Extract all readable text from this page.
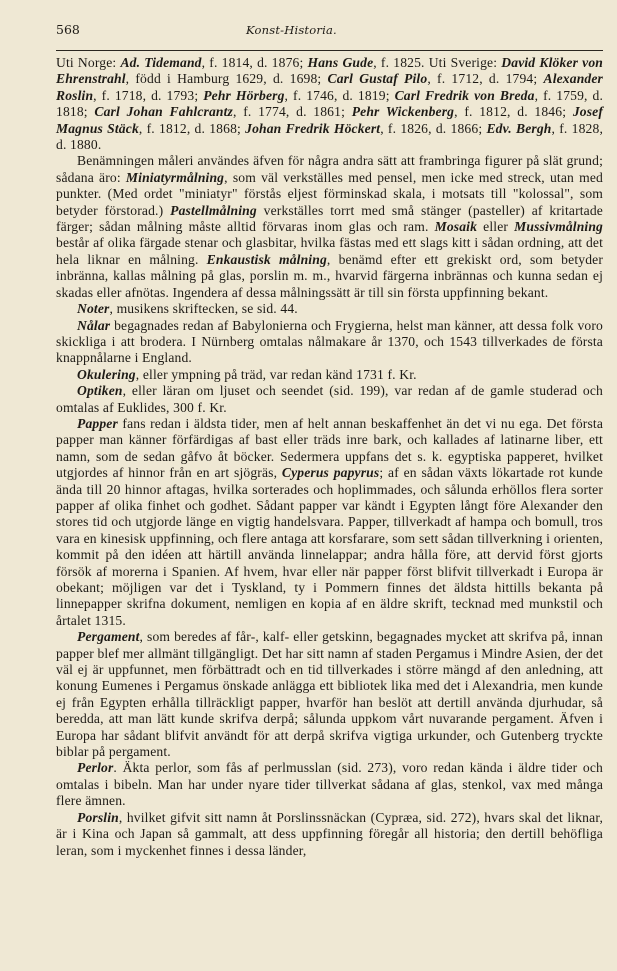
568	Konst-Historia.

Uti Norge: Ad. Tidemand, f. 1814, d. 1876; Hans Gude, f. 1825. Uti Sverige: David Klöker von Ehrenstrahl, född i Hamburg 1629, d. 1698; Carl Gustaf Pilo, f. 1712, d. 1794; Alexander Roslin, f. 1718, d. 1793; Pehr Hörberg, f. 1746, d. 1819; Carl Fredrik von Breda, f. 1759, d. 1818; Carl Johan Fahlcrantz, f. 1774, d. 1861; Pehr Wickenberg, f. 1812, d. 1846; Josef Magnus Stäck, f. 1812, d. 1868; Johan Fredrik Höckert, f. 1826, d. 1866; Edv. Bergh, f. 1828, d. 1880.

Benämningen måleri användes äfven för några andra sätt att frambringa figurer på slät grund; sådana äro: Miniatyrmålning, som väl verkställes med pensel, men icke med streck, utan med punkter. (Med ordet "miniatyr" förstås eljest förminskad skala, i motsats till "kolossal", som betyder förstorad.) Pastellmålning verkställes torrt med små stänger (pasteller) af kritartade färger; sådan målning måste alltid förvaras inom glas och ram. Mosaik eller Mussivmålning består af olika färgade stenar och glasbitar, hvilka fästas med ett slags kitt i sådan ordning, att det hela liknar en målning. Enkaustisk målning, benämd efter ett grekiskt ord, som betyder inbränna, kallas målning på glas, porslin m. m., hvarvid färgerna inbrännas och kunna sedan ej skadas eller afnötas. Ingendera af dessa målningssätt är till sin första uppfinning bekant.

Noter, musikens skriftecken, se sid. 44.

Nålar begagnades redan af Babylonierna och Frygierna, helst man känner, att dessa folk voro skickliga i att brodera. I Nürnberg omtalas nålmakare år 1370, och 1543 tillverkades de första knappnålarne i England.

Okulering, eller ympning på träd, var redan känd 1731 f. Kr.

Optiken, eller läran om ljuset och seendet (sid. 199), var redan af de gamle studerad och omtalas af Euklides, 300 f. Kr.

Papper fans redan i äldsta tider, men af helt annan beskaffenhet än det vi nu ega. Det första papper man känner förfärdigas af bast eller träds inre bark, och kallades af latinarne liber, ett namn, som de sedan gåfvo åt böcker. Sedermera uppfans det s. k. egyptiska papperet, hvilket utgjordes af hinnor från en art sjögräs, Cyperus papyrus; af en sådan växts lökartade rot kunde ända till 20 hinnor aftagas, hvilka sorterades och hoplimmades, och sålunda erhöllos flera sorter papper af olika finhet och godhet. Sådant papper var kändt i Egypten långt före Alexander den stores tid och utgjorde länge en vigtig handelsvara. Papper, tillverkadt af hampa och bomull, tros vara en kinesisk uppfinning, och flere antaga att korsfarare, som sett sådan tillverkning i orienten, kommit på den idéen att härtill använda linnelappar; andra hålla före, att dervid först gjorts försök af morerna i Spanien. Af hvem, hvar eller när papper först blifvit tillverkadt i Europa är obekant; möjligen var det i Tyskland, ty i Pommern finnes det äldsta hittills bekanta på linnepapper skrifna dokument, nemligen en kopia af en äldre skrift, tecknad med munkstil och årtalet 1315.

Pergament, som beredes af får-, kalf- eller getskinn, begagnades mycket att skrifva på, innan papper blef mer allmänt tillgängligt. Det har sitt namn af staden Pergamus i Mindre Asien, der det väl ej är uppfunnet, men förbättradt och en tid tillverkades i större mängd af den anledning, att konung Eumenes i Pergamus önskade anlägga ett bibliotek lika med det i Alexandria, men kunde ej från Egypten erhålla tillräckligt papper, hvarför han beslöt att dertill använda djurhudar, så beredda, att man lätt kunde skrifva derpå; sålunda uppkom vårt nuvarande pergament. Äfven i Europa har sådant blifvit användt för att derpå skrifva vigtiga urkunder, och Gutenberg tryckte biblar på pergament.

Perlor. Äkta perlor, som fås af perlmusslan (sid. 273), voro redan kända i äldre tider och omtalas i bibeln. Man har under nyare tider tillverkat sådana af glas, stenkol, vax med många flere ämnen.

Porslin, hvilket gifvit sitt namn åt Porslinssnäckan (Cypræa, sid. 272), hvars skal det liknar, är i Kina och Japan så gammalt, att dess uppfinning föregår all historia; den dertill behöfliga leran, som i myckenhet finnes i dessa länder,
